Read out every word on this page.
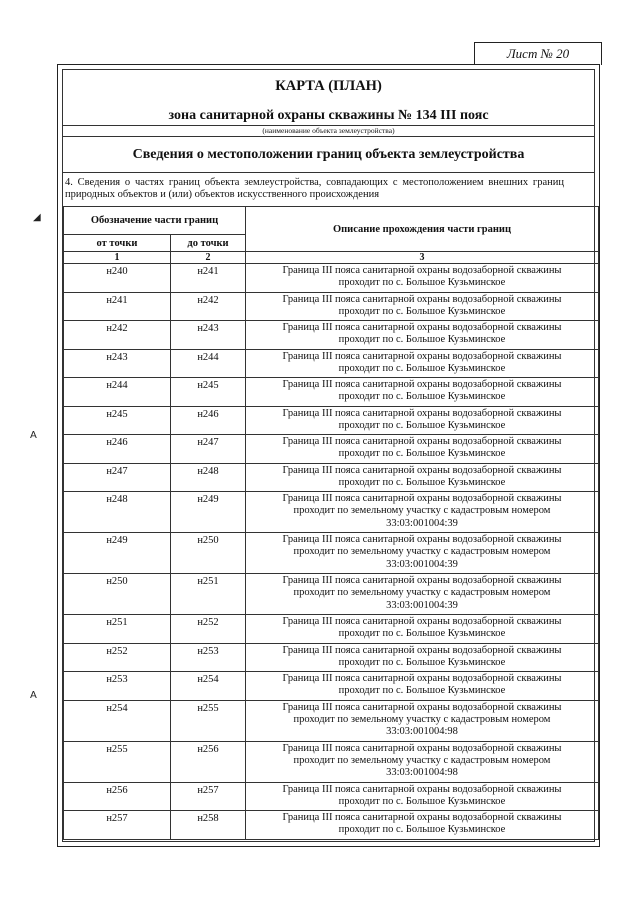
Лист № 20
◢
A
A
КАРТА (ПЛАН)
зона санитарной охраны скважины № 134 III пояс
(наименование объекта землеустройства)
Сведения о местоположении границ объекта землеустройства
4. Сведения о частях границ объекта землеустройства, совпадающих с местоположением внешних границ природных объектов и (или) объектов искусственного происхождения
Обозначение части границ		Описание прохождения части границ
от точки	до точки	
1	2	3
н240	н241	Граница III пояса санитарной охраны водозаборной скважины
проходит по с. Большое Кузьминское

н241	н242	Граница III пояса санитарной охраны водозаборной скважины
проходит по с. Большое Кузьминское

н242	н243	Граница III пояса санитарной охраны водозаборной скважины
проходит по с. Большое Кузьминское

н243	н244	Граница III пояса санитарной охраны водозаборной скважины
проходит по с. Большое Кузьминское

н244	н245	Граница III пояса санитарной охраны водозаборной скважины
проходит по с. Большое Кузьминское

н245	н246	Граница III пояса санитарной охраны водозаборной скважины
проходит по с. Большое Кузьминское

н246	н247	Граница III пояса санитарной охраны водозаборной скважины
проходит по с. Большое Кузьминское

н247	н248	Граница III пояса санитарной охраны водозаборной скважины
проходит по с. Большое Кузьминское

н248	н249	Граница III пояса санитарной охраны водозаборной скважины
проходит по земельному участку с кадастровым номером
33:03:001004:39

н249	н250	Граница III пояса санитарной охраны водозаборной скважины
проходит по земельному участку с кадастровым номером
33:03:001004:39

н250	н251	Граница III пояса санитарной охраны водозаборной скважины
проходит по земельному участку с кадастровым номером
33:03:001004:39

н251	н252	Граница III пояса санитарной охраны водозаборной скважины
проходит по с. Большое Кузьминское

н252	н253	Граница III пояса санитарной охраны водозаборной скважины
проходит по с. Большое Кузьминское

н253	н254	Граница III пояса санитарной охраны водозаборной скважины
проходит по с. Большое Кузьминское

н254	н255	Граница III пояса санитарной охраны водозаборной скважины
проходит по земельному участку с кадастровым номером
33:03:001004:98

н255	н256	Граница III пояса санитарной охраны водозаборной скважины
проходит по земельному участку с кадастровым номером
33:03:001004:98

н256	н257	Граница III пояса санитарной охраны водозаборной скважины
проходит по с. Большое Кузьминское

н257	н258	Граница III пояса санитарной охраны водозаборной скважины
проходит по с. Большое Кузьминское
